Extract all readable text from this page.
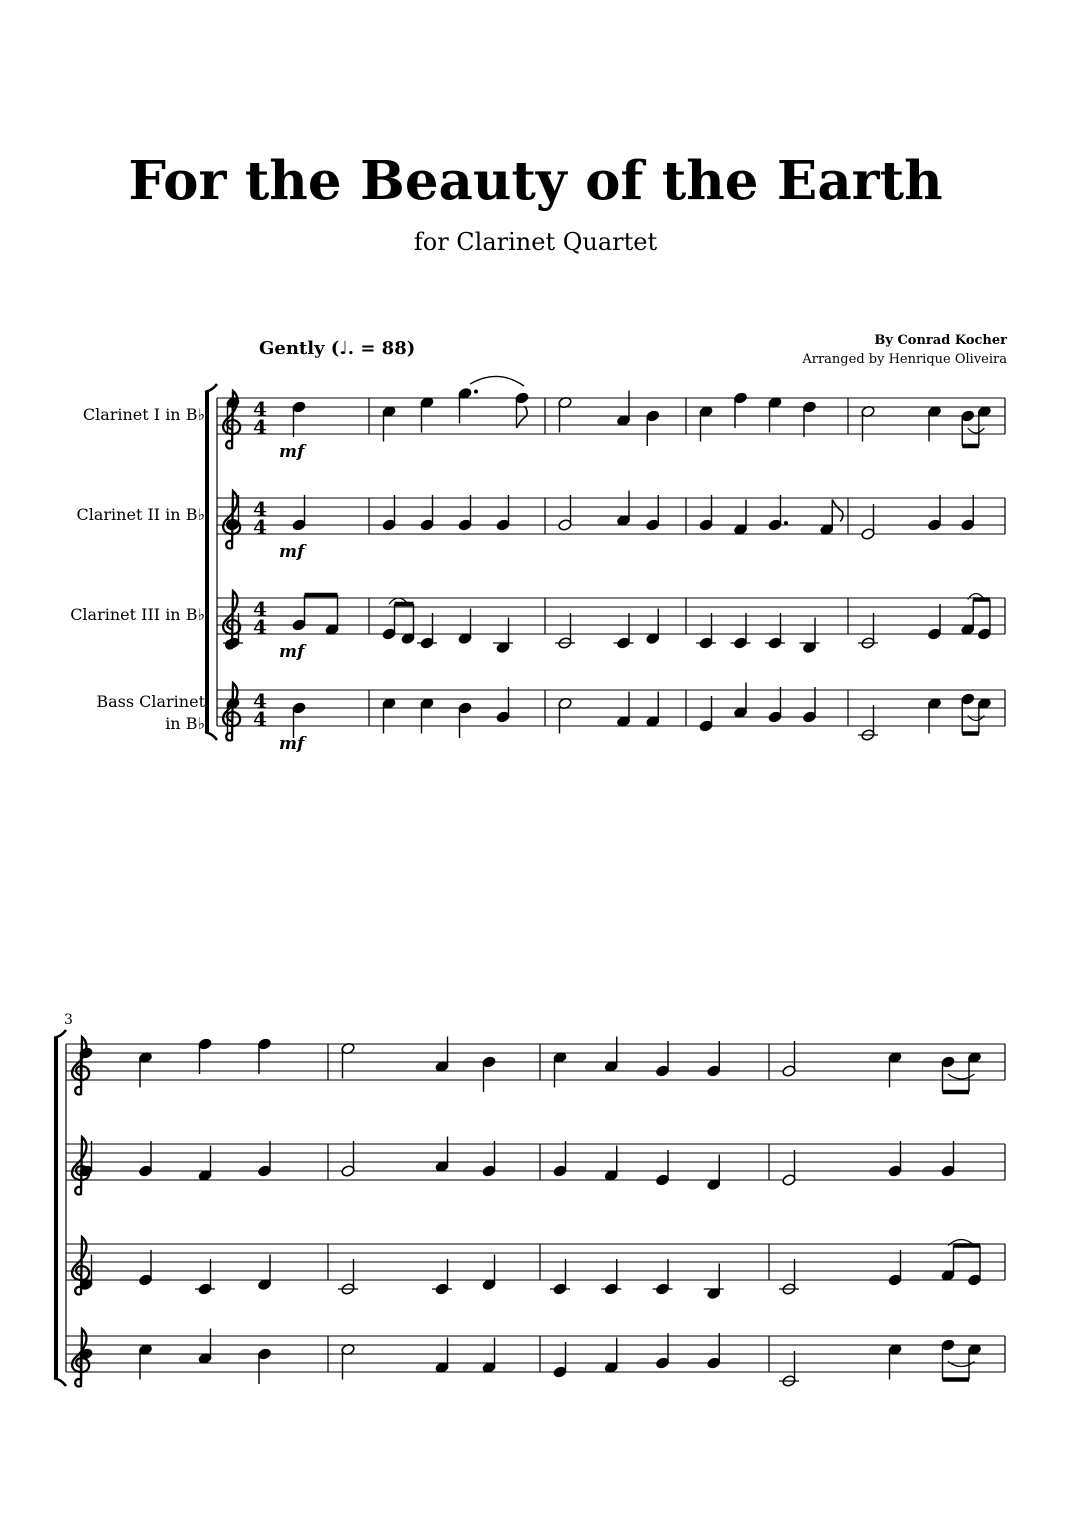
For the Beauty of the Earth
for Clarinet Quartet
Gently (♩. = 88)	By Conrad Kocher
Arranged by Henrique Oliveira
Clarinet I in B♭
Clarinet II in B♭
Clarinet III in B♭
Bass Clarinet
in B♭
3
4
4
mf
4
4
mf
4
4
mf
4
4
mf
